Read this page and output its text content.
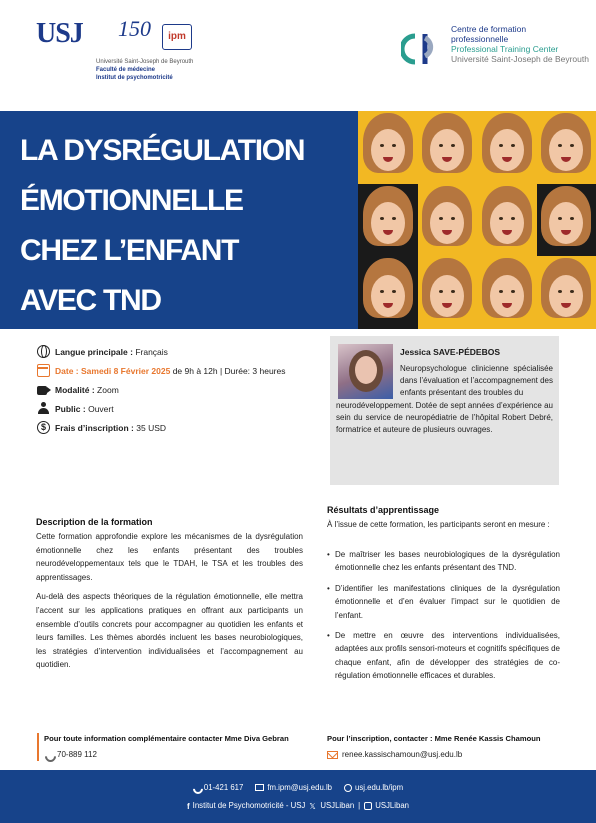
USJ 150	ipm
Université Saint-Joseph de Beyrouth
Faculté de médecine
Institut de psychomotricité
Centre de formation
professionnelle
Professional Training Center
Université Saint-Joseph de Beyrouth
LA DYSRÉGULATION
ÉMOTIONNELLE
CHEZ L’ENFANT
AVEC TND
Langue principale :
Français
Date :
Samedi 8 Février 2025
de 9h à 12h | Durée: 3 heures
Modalité :
Zoom
Public :
Ouvert
$	Frais d’inscription :
35 USD
Jessica SAVE-PÉDEBOS
Neuropsychologue clinicienne spécialisée dans l’évaluation et l’accompagnement des enfants présentant des troubles du
neurodéveloppement. Dotée de sept années d’expérience au sein du service de neuropédiatrie de l’hôpital Robert Debré, formatrice et auteure de plusieurs ouvrages.
Description de la formation

Cette formation approfondie explore les mécanismes de la dysrégulation émotionnelle chez les enfants présentant des troubles neurodéveloppementaux tels que le TDAH, le TSA et les troubles des apprentissages.

Au-delà des aspects théoriques de la régulation émotionnelle, elle mettra l’accent sur les applications pratiques en offrant aux participants un ensemble d’outils concrets pour accompagner au quotidien les enfants et leurs familles. Les thèmes abordés incluent les bases neurobiologiques, les stratégies d’intervention individualisées et l’accompagnement au quotidien.

Résultats d’apprentissage
À l’issue de cette formation, les participants seront en mesure :
• De maîtriser les bases neurobiologiques de la dysrégulation émotionnelle chez les enfants présentant des TND.
• D’identifier les manifestations cliniques de la dysrégulation émotionnelle et d’en évaluer l’impact sur le quotidien de l’enfant.
• De mettre en œuvre des interventions individualisées, adaptées aux profils sensori-moteurs et cognitifs spécifiques de chaque enfant, afin de développer des stratégies de co-régulation émotionnelle efficaces et durables.
Pour toute information complémentaire contacter Mme Diva Gebran
70-889 112
Pour l’inscription, contacter : Mme Renée Kassis Chamoun
renee.kassischamoun@usj.edu.lb
01-421 617	fm.ipm@usj.edu.lb	usj.edu.lb/ipm
f Institut de Psychomotricité - USJ 𝕏 USJLiban | USJLiban
